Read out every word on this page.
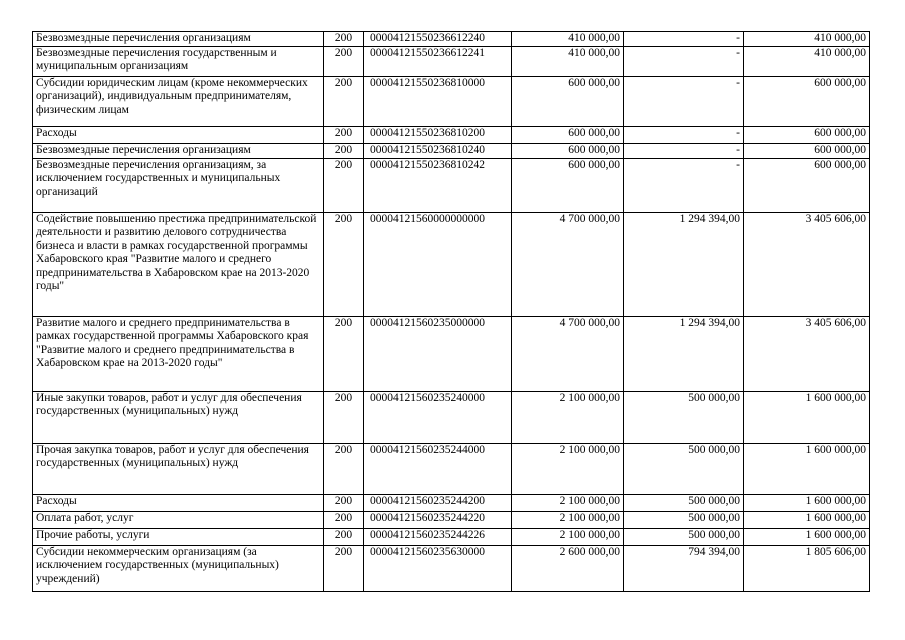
Безвозмездные перечисления организациям	200	00004121550236612240	410 000,00	-	410 000,00
Безвозмездные перечисления государственным и муниципальным организациям	200	00004121550236612241	410 000,00	-	410 000,00
Субсидии юридическим лицам (кроме некоммерческих организаций), индивидуальным предпринимателям, физическим лицам	200	00004121550236810000	600 000,00	-	600 000,00
Расходы	200	00004121550236810200	600 000,00	-	600 000,00
Безвозмездные перечисления организациям	200	00004121550236810240	600 000,00	-	600 000,00
Безвозмездные перечисления организациям, за исключением государственных и муниципальных организаций	200	00004121550236810242	600 000,00	-	600 000,00
Содействие повышению престижа предпринимательской деятельности и развитию делового сотрудничества бизнеса и власти в рамках государственной программы Хабаровского края "Развитие малого и среднего предпринимательства в Хабаровском крае на 2013-2020 годы"	200	00004121560000000000	4 700 000,00	1 294 394,00	3 405 606,00
Развитие малого и среднего предпринимательства в рамках государственной программы Хабаровского края "Развитие малого и среднего предпринимательства в Хабаровском крае на 2013-2020 годы"	200	00004121560235000000	4 700 000,00	1 294 394,00	3 405 606,00
Иные закупки товаров, работ и услуг для обеспечения государственных (муниципальных) нужд	200	00004121560235240000	2 100 000,00	500 000,00	1 600 000,00
Прочая закупка товаров, работ и услуг для обеспечения государственных (муниципальных) нужд	200	00004121560235244000	2 100 000,00	500 000,00	1 600 000,00
Расходы	200	00004121560235244200	2 100 000,00	500 000,00	1 600 000,00
Оплата работ, услуг	200	00004121560235244220	2 100 000,00	500 000,00	1 600 000,00
Прочие работы, услуги	200	00004121560235244226	2 100 000,00	500 000,00	1 600 000,00
Субсидии некоммерческим организациям (за исключением государственных (муниципальных) учреждений)	200	00004121560235630000	2 600 000,00	794 394,00	1 805 606,00
